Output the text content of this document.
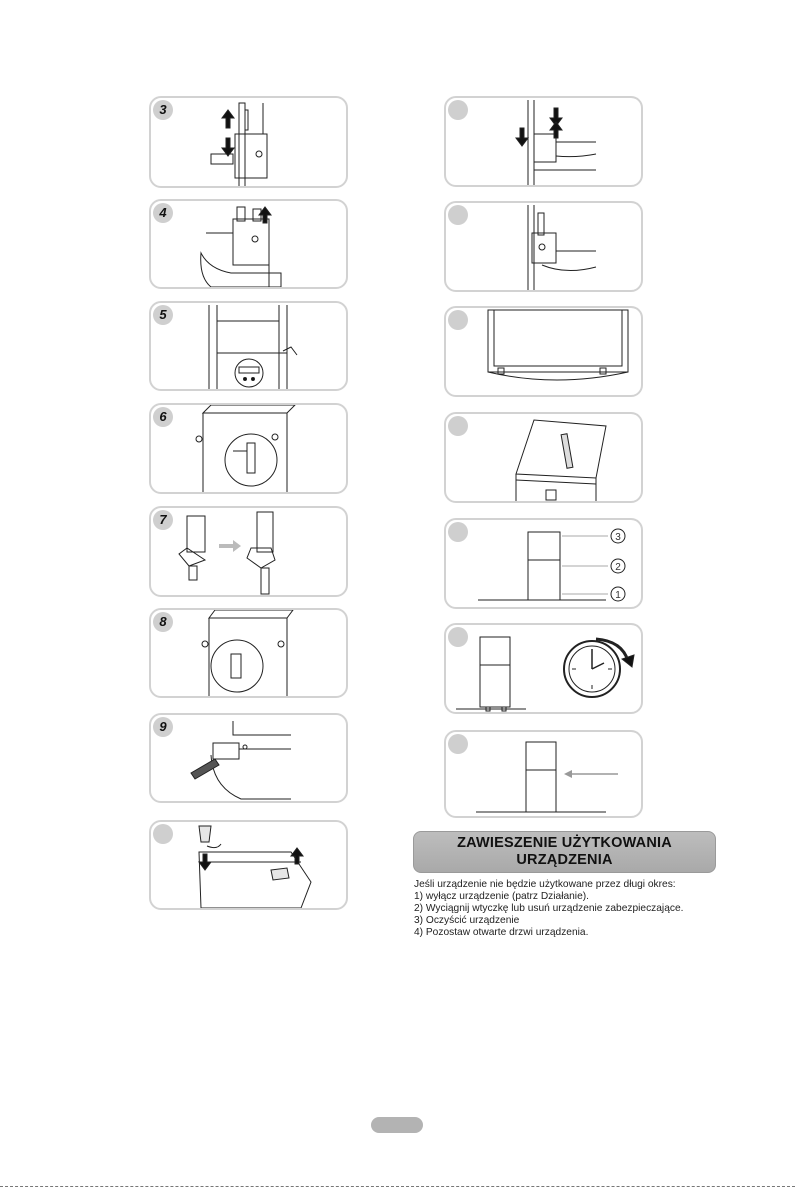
3
4
5
6
7
8
9
3
2
1
ZAWIESZENIE UŻYTKOWANIA
URZĄDZENIA
Jeśli urządzenie nie będzie użytkowane przez długi okres:
1) wyłącz urządzenie (patrz Działanie).
2) Wyciągnij wtyczkę lub usuń urządzenie zabezpieczające.
3) Oczyścić urządzenie
4) Pozostaw otwarte drzwi urządzenia.
